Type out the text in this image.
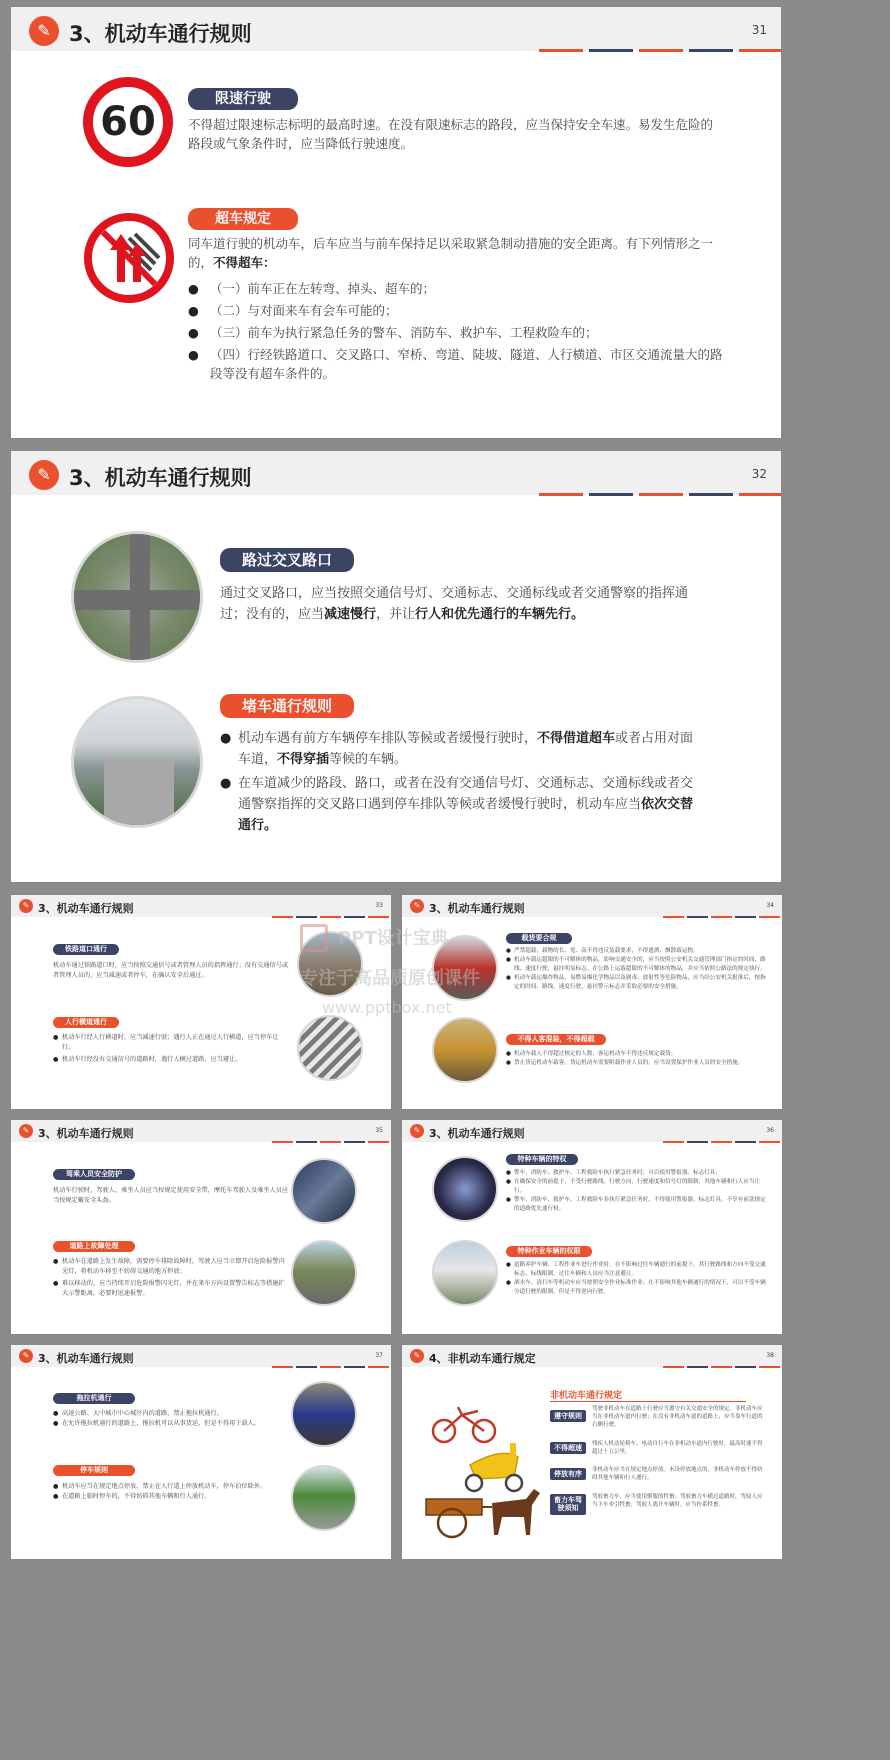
✎ 3、机动车通行规则	31
60	限速行驶
不得超过限速标志标明的最高时速。在没有限速标志的路段，应当保持安全车速。易发生危险的路段或气象条件时，应当降低行驶速度。
超车规定
同车道行驶的机动车，后车应当与前车保持足以采取紧急制动措施的安全距离。有下列情形之一的，不得超车：
● （一）前车正在左转弯、掉头、超车的；
● （二）与对面来车有会车可能的；
● （三）前车为执行紧急任务的警车、消防车、救护车、工程救险车的；
● （四）行经铁路道口、交叉路口、窄桥、弯道、陡坡、隧道、人行横道、市区交通流量大的路段等没有超车条件的。
✎ 3、机动车通行规则	32
路过交叉路口
通过交叉路口，应当按照交通信号灯、交通标志、交通标线或者交通警察的指挥通过；没有的，应当减速慢行，并让行人和优先通行的车辆先行。
堵车通行规则
● 机动车遇有前方车辆停车排队等候或者缓慢行驶时，不得借道超车或者占用对面车道，不得穿插等候的车辆。
● 在车道减少的路段、路口，或者在没有交通信号灯、交通标志、交通标线或者交通警察指挥的交叉路口遇到停车排队等候或者缓慢行驶时，机动车应当依次交替通行。
✎ 3、机动车通行规则	33
铁路道口通行
机动车通过铁路道口时，应当按照交通信号或者管理人员的指挥通行；没有交通信号或者管理人员的，应当减速或者停车，在确认安全后通过。
人行横道通行
● 机动车行经人行横道时，应当减速行驶；遇行人正在通过人行横道，应当停车让行。
● 机动车行经没有交通信号的道路时，遇行人横过道路，应当避让。
✎ 3、机动车通行规则	34
载货要合规
● 严禁超载；载物的长、宽、高不得违反装载要求，不得遗洒、飘散载运物。
● 机动车载运超限的不可解体的物品，影响交通安全的，应当按照公安机关交通管理部门指定的时间、路线、速度行驶，悬挂明显标志。在公路上运载超限的不可解体的物品，并应当依照公路法的规定执行。
● 机动车载运爆炸物品、易燃易爆化学物品以及剧毒、放射性等危险物品，应当经公安机关批准后，按指定的时间、路线、速度行驶，悬挂警示标志并采取必要的安全措施。
不得人客混装，不得超载
● 机动车载人不得超过核定的人数，客运机动车不得违反规定载货。
● 禁止货运机动车载客。货运机动车需要附载作业人员的，应当设置保护作业人员的安全措施。
✎ 3、机动车通行规则	35
驾乘人员安全防护
机动车行驶时，驾驶人、乘坐人员应当按规定使用安全带，摩托车驾驶人及乘坐人员应当按规定戴安全头盔。
道路上故障处理
● 机动车在道路上发生故障，需要停车排除故障时，驾驶人应当立即开启危险报警闪光灯，将机动车移至不妨碍交通的地方停放；
● 难以移动的，应当持续开启危险报警闪光灯，并在来车方向设置警告标志等措施扩大示警距离，必要时迅速报警。
✎ 3、机动车通行规则	36
特种车辆的特权
● 警车、消防车、救护车、工程救险车执行紧急任务时，可以使用警报器、标志灯具；
● 在确保安全的前提下，不受行驶路线、行驶方向、行驶速度和信号灯的限制，其他车辆和行人应当让行。
● 警车、消防车、救护车、工程救险车非执行紧急任务时，不得使用警报器、标志灯具，不享有前款规定的道路优先通行权。
特种作业车辆的权限
● 道路养护车辆、工程作业车进行作业时，在不影响过往车辆通行的前提下，其行驶路线和方向不受交通标志、标线限制，过往车辆和人员应当注意避让。
● 洒水车、清扫车等机动车应当按照安全作业标准作业；在不影响其他车辆通行的情况下，可以不受车辆分道行驶的限制，但是不得逆向行驶。
✎ 3、机动车通行规则	37
拖拉机通行
● 高速公路、大中城市中心城区内的道路，禁止拖拉机通行。
● 在允许拖拉机通行的道路上，拖拉机可以从事货运，但是不得用于载人。
停车规则
● 机动车应当在规定地点停放。禁止在人行道上停放机动车，停车泊位除外。
● 在道路上临时停车的，不得妨碍其他车辆和行人通行。
✎ 4、非机动车通行规定	38
非机动车通行规定
遵守规则
驾驶非机动车在道路上行驶应当遵守有关交通安全的规定。非机动车应当在非机动车道内行驶；在没有非机动车道的道路上，应当靠车行道的右侧行驶。
不得超速	残疾人机动轮椅车、电动自行车在非机动车道内行驶时，最高时速不得超过十五公里。
停放有序	非机动车应当在规定地点停放。未设停放地点的，非机动车停放不得妨碍其他车辆和行人通行。
畜力车驾驶须知
驾驭畜力车，应当使用驯服的牲畜；驾驭畜力车横过道路时，驾驭人应当下车牵引牲畜；驾驭人离开车辆时，应当拴系牲畜。
PPT设计宝典
专注于高品质原创课件
www.pptbox.net
